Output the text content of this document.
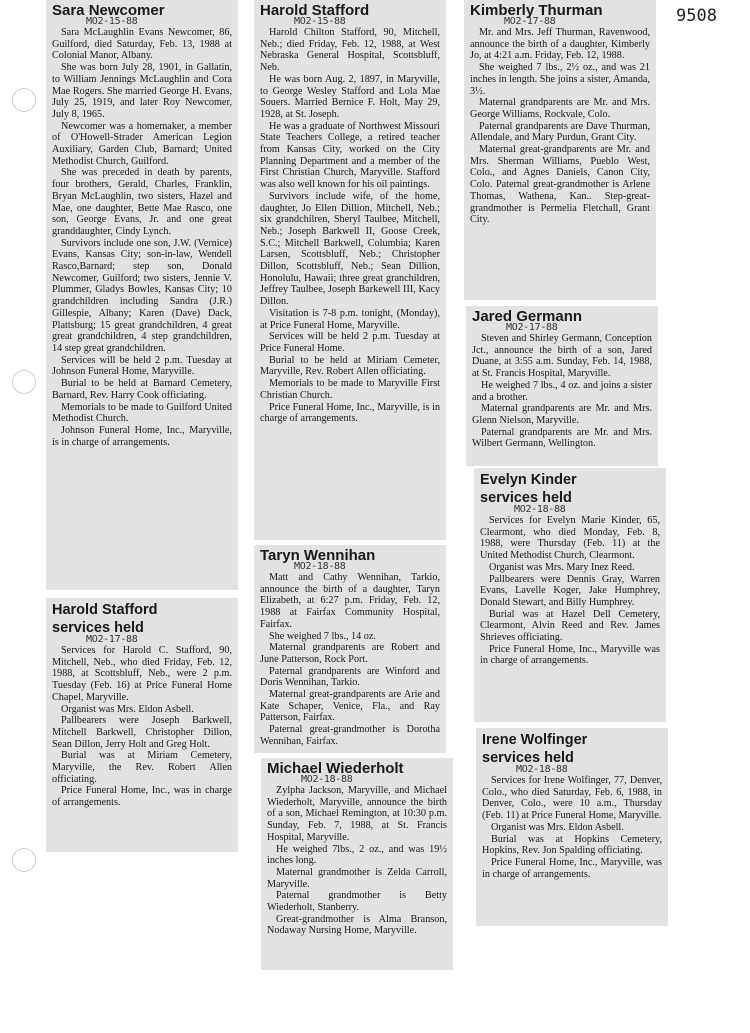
9508
Sara Newcomer
MO2-15-88

Sara McLaughlin Evans Newcomer, 86, Guilford, died Saturday, Feb. 13, 1988 at Colonial Manor, Albany.

She was born July 28, 1901, in Gallatin, to William Jennings McLaughlin and Cora Mae Rogers. She married George H. Evans, July 25, 1919, and later Roy Newcomer, July 8, 1965.

Newcomer was a homemaker, a member of O'Howell-Strader American Legion Auxiliary, Garden Club, Barnard; United Methodist Church, Guilford.

She was preceded in death by parents, four brothers, Gerald, Charles, Franklin, Bryan McLaughlin, two sisters, Hazel and Mae, one daughter, Bette Mae Rasco, one son, George Evans, Jr. and one great granddaughter, Cindy Lynch.

Survivors include one son, J.W. (Vernice) Evans, Kansas City; son-in-law, Wendell Rasco,Barnard; step son, Donald Newcomer, Guilford; two sisters, Jennie V. Plummer, Gladys Bowles, Kansas City; 10 grandchildren including Sandra (J.R.) Gillespie, Albany; Karen (Dave) Dack, Plattsburg; 15 great grandchildren, 4 great great grandchildren, 4 step grandchildren, 14 step great grandchildren.

Services will be held 2 p.m. Tuesday at Johnson Funeral Home, Maryville.

Burial to be held at Barnard Cemetery, Barnard, Rev. Harry Cook officiating.

Memorials to be made to Guilford United Methodist Church.

Johnson Funeral Home, Inc., Maryville, is in charge of arrangements.

Harold Stafford services held
MO2-17-88

Services for Harold C. Stafford, 90, Mitchell, Neb., who died Friday, Feb. 12, 1988, at Scottsbluff, Neb., were 2 p.m. Tuesday (Feb. 16) at Price Funeral Home Chapel, Maryville.

Organist was Mrs. Eldon Asbell.

Pallbearers were Joseph Barkwell, Mitchell Barkwell, Christopher Dillon, Sean Dillon, Jerry Holt and Greg Holt.

Burial was at Miriam Cemetery, Maryville, the Rev. Robert Allen officiating.

Price Funeral Home, Inc., was in charge of arrangements.

Harold Stafford
MO2-15-88

Harold Chilton Stafford, 90, Mitchell, Neb.; died Friday, Feb. 12, 1988, at West Nebraska General Hospital, Scottsbluff, Neb.

He was born Aug. 2, 1897, in Maryville, to George Wesley Stafford and Lola Mae Souers. Married Bernice F. Holt, May 29, 1928, at St. Joseph.

He was a graduate of Northwest Missouri State Teachers College, a retired teacher from Kansas City, worked on the City Planning Department and a member of the First Christian Church, Maryville. Stafford was also well known for his oil paintings.

Survivors include wife, of the home, daughter, Jo Ellen Dillion, Mitchell, Neb.; six grandchilren, Sheryl Taulbee, Mitchell, Neb.; Joseph Barkwell II, Goose Creek, S.C.; Mitchell Barkwell, Columbia; Karen Larsen, Scottsbluff, Neb.; Christopher Dillon, Scottsbluff, Neb.; Sean Dillion, Honolulu, Hawaii; three great granchildren, Jeffrey Taulbee, Joseph Barkewell III, Kacy Dillon.

Visitation is 7-8 p.m. tonight, (Monday), at Price Funeral Home, Maryville.

Services will be held 2 p.m. Tuesday at Price Funeral Home.

Burial to be held at Miriam Cemeter, Maryville, Rev. Robert Allen officiating.

Memorials to be made to Maryville First Christian Church.

Price Funeral Home, Inc., Maryville, is in charge of arrangements.

Taryn Wennihan
MO2-18-88

Matt and Cathy Wennihan, Tarkio, announce the birth of a daughter, Taryn Elizabeth, at 6:27 p.m. Friday, Feb. 12, 1988 at Fairfax Community Hospital, Fairfax.

She weighed 7 lbs., 14 oz.

Maternal grandparents are Robert and June Patterson, Rock Port.

Paternal grandparents are Winford and Doris Wennihan, Tarkio.

Maternal great-grandparents are Arie and Kate Schaper, Venice, Fla., and Ray Patterson, Fairfax.

Paternal great-grandmother is Dorotha Wennihan, Fairfax.

Michael Wiederholt
MO2-18-88

Zylpha Jackson, Maryville, and Michael Wiederholt, Maryville, announce the birth of a son, Michael Remington, at 10:30 p.m. Sunday, Feb. 7, 1988, at St. Francis Hospital, Maryville.

He weighed 7lbs., 2 oz., and was 19½ inches long.

Maternal grandmother is Zelda Carroll, Maryville.

Paternal grandmother is Betty Wiederholt, Stanberry.

Great-grandmother is Alma Branson, Nodaway Nursing Home, Maryville.

Kimberly Thurman
MO2-17-88

Mr. and Mrs. Jeff Thurman, Ravenwood, announce the birth of a daughter, Kimberly Jo, at 4:21 a.m. Friday, Feb. 12, 1988.

She weighed 7 lbs., 2½ oz., and was 21 inches in length. She joins a sister, Amanda, 3½.

Maternal grandparents are Mr. and Mrs. George Williams, Rockvale, Colo.

Paternal grandparents are Dave Thurman, Allendale, and Mary Purdun, Grant City.

Maternal great-grandparents are Mr. and Mrs. Sherman Williams, Pueblo West, Colo., and Agnes Daniels, Canon City, Colo. Paternal great-grandmother is Arlene Thomas, Wathena, Kan.. Step-great-grandmother is Permelia Fletchall, Grant City.

Jared Germann
MO2-17-88

Steven and Shirley Germann, Conception Jct., announce the birth of a son, Jared Duane, at 3:55 a.m. Sunday, Feb. 14, 1988, at St. Francis Hospital, Maryville.

He weighed 7 lbs., 4 oz. and joins a sister and a brother.

Maternal grandparents are Mr. and Mrs. Glenn Nielson, Maryville.

Paternal grandparents are Mr. and Mrs. Wilbert Germann, Wellington.

Evelyn Kinder services held
MO2-18-88

Services for Evelyn Marie Kinder, 65, Clearmont, who died Monday, Feb. 8, 1988, were Thursday (Feb. 11) at the United Methodist Church, Clearmont.

Organist was Mrs. Mary Inez Reed.

Pallbearers were Dennis Gray, Warren Evans, Lavelle Koger, Jake Humphrey, Donald Stewart, and Billy Humphrey.

Burial was at Hazel Dell Cemetery, Clearmont, Alvin Reed and Rev. James Shrieves officiating.

Price Funeral Home, Inc., Maryville was in charge of arrangements.

Irene Wolfinger services held
MO2-18-88

Services for Irene Wolfinger, 77, Denver, Colo., who died Saturday, Feb. 6, 1988, in Denver, Colo., were 10 a.m., Thursday (Feb. 11) at Price Funeral Home, Maryville.

Organist was Mrs. Eldon Asbell.

Burial was at Hopkins Cemetery, Hopkins, Rev. Jon Spalding officiating.

Price Funeral Home, Inc., Maryville, was in charge of arrangements.
